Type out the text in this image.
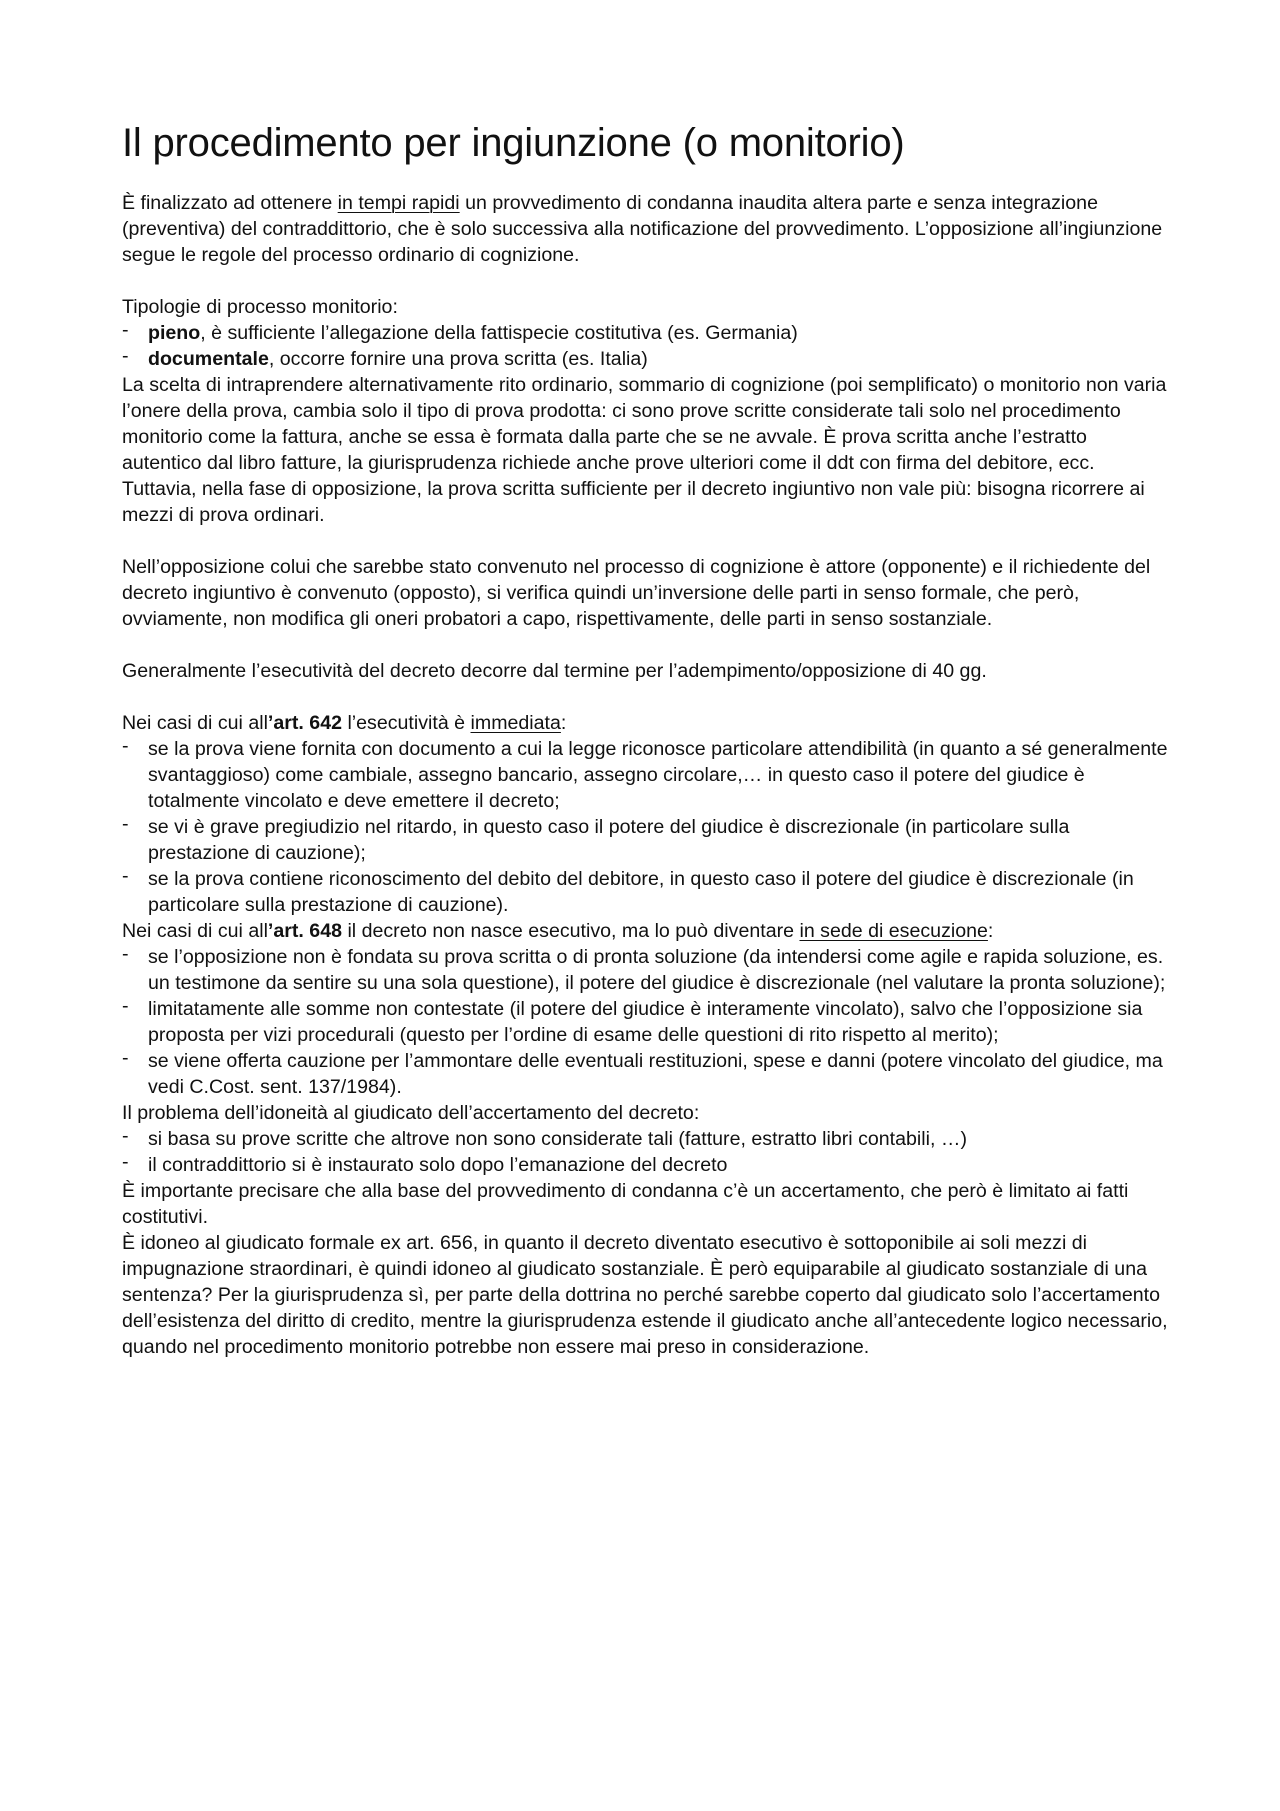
Il procedimento per ingiunzione (o monitorio)

È finalizzato ad ottenere in tempi rapidi un provvedimento di condanna inaudita altera parte e senza integrazione (preventiva) del contraddittorio, che è solo successiva alla notificazione del provvedimento. L’opposizione all’ingiunzione segue le regole del processo ordinario di cognizione.

Tipologie di processo monitorio:

- pieno, è sufficiente l’allegazione della fattispecie costitutiva (es. Germania)
- documentale, occorre fornire una prova scritta (es. Italia)

La scelta di intraprendere alternativamente rito ordinario, sommario di cognizione (poi semplificato) o monitorio non varia l’onere della prova, cambia solo il tipo di prova prodotta: ci sono prove scritte considerate tali solo nel procedimento monitorio come la fattura, anche se essa è formata dalla parte che se ne avvale. È prova scritta anche l’estratto autentico dal libro fatture, la giurisprudenza richiede anche prove ulteriori come il ddt con firma del debitore, ecc. Tuttavia, nella fase di opposizione, la prova scritta sufficiente per il decreto ingiuntivo non vale più: bisogna ricorrere ai mezzi di prova ordinari.

Nell’opposizione colui che sarebbe stato convenuto nel processo di cognizione è attore (opponente) e il richiedente del decreto ingiuntivo è convenuto (opposto), si verifica quindi un’inversione delle parti in senso formale, che però, ovviamente, non modifica gli oneri probatori a capo, rispettivamente, delle parti in senso sostanziale.

Generalmente l’esecutività del decreto decorre dal termine per l’adempimento/opposizione di 40 gg.

Nei casi di cui all’art. 642 l’esecutività è immediata:

- se la prova viene fornita con documento a cui la legge riconosce particolare attendibilità (in quanto a sé generalmente svantaggioso) come cambiale, assegno bancario, assegno circolare,… in questo caso il potere del giudice è totalmente vincolato e deve emettere il decreto;
- se vi è grave pregiudizio nel ritardo, in questo caso il potere del giudice è discrezionale (in particolare sulla prestazione di cauzione);
- se la prova contiene riconoscimento del debito del debitore, in questo caso il potere del giudice è discrezionale (in particolare sulla prestazione di cauzione).

Nei casi di cui all’art. 648 il decreto non nasce esecutivo, ma lo può diventare in sede di esecuzione:

- se l’opposizione non è fondata su prova scritta o di pronta soluzione (da intendersi come agile e rapida soluzione, es. un testimone da sentire su una sola questione), il potere del giudice è discrezionale (nel valutare la pronta soluzione);
- limitatamente alle somme non contestate (il potere del giudice è interamente vincolato), salvo che l’opposizione sia proposta per vizi procedurali (questo per l’ordine di esame delle questioni di rito rispetto al merito);
- se viene offerta cauzione per l’ammontare delle eventuali restituzioni, spese e danni (potere vincolato del giudice, ma vedi C.Cost. sent. 137/1984).

Il problema dell’idoneità al giudicato dell’accertamento del decreto:

- si basa su prove scritte che altrove non sono considerate tali (fatture, estratto libri contabili, …)
- il contraddittorio si è instaurato solo dopo l’emanazione del decreto

È importante precisare che alla base del provvedimento di condanna c’è un accertamento, che però è limitato ai fatti costitutivi.

È idoneo al giudicato formale ex art. 656, in quanto il decreto diventato esecutivo è sottoponibile ai soli mezzi di impugnazione straordinari, è quindi idoneo al giudicato sostanziale. È però equiparabile al giudicato sostanziale di una sentenza? Per la giurisprudenza sì, per parte della dottrina no perché sarebbe coperto dal giudicato solo l’accertamento dell’esistenza del diritto di credito, mentre la giurisprudenza estende il giudicato anche all’antecedente logico necessario, quando nel procedimento monitorio potrebbe non essere mai preso in considerazione.
